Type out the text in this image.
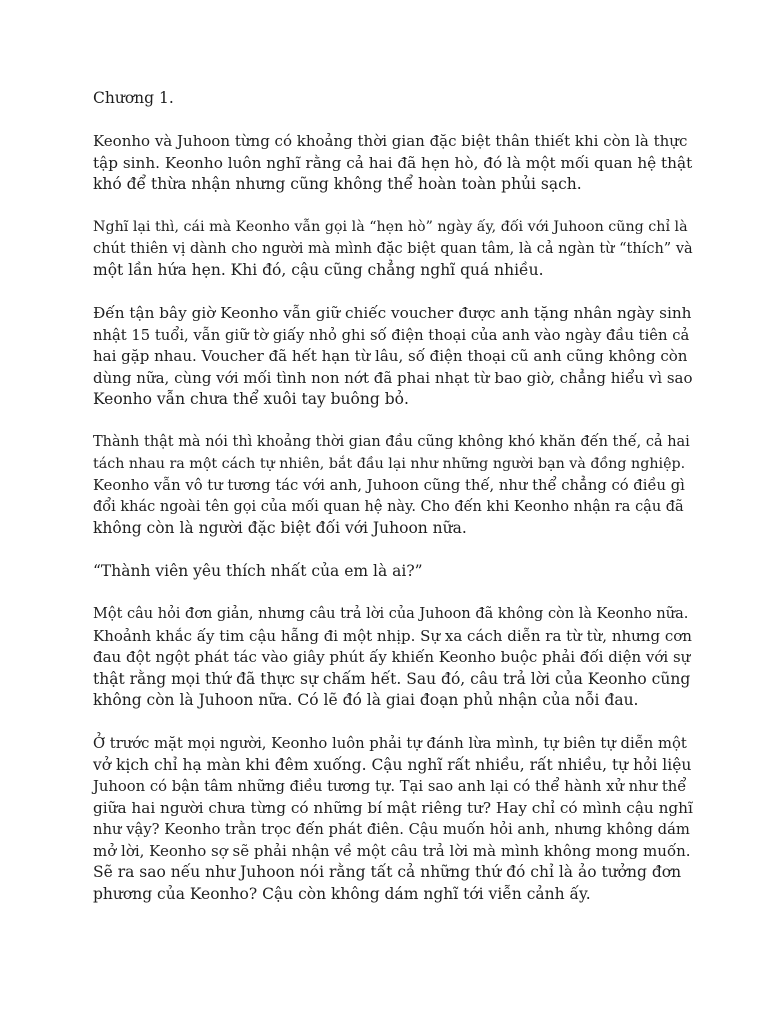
Chương 1.
Keonho và Juhoon từng có khoảng thời gian đặc biệt thân thiết khi còn là thực
tập sinh. Keonho luôn nghĩ rằng cả hai đã hẹn hò, đó là một mối quan hệ thật
khó để thừa nhận nhưng cũng không thể hoàn toàn phủi sạch.
Nghĩ lại thì, cái mà Keonho vẫn gọi là “hẹn hò” ngày ấy, đối với Juhoon cũng chỉ là
chút thiên vị dành cho người mà mình đặc biệt quan tâm, là cả ngàn từ “thích” và
một lần hứa hẹn. Khi đó, cậu cũng chẳng nghĩ quá nhiều.
Đến tận bây giờ Keonho vẫn giữ chiếc voucher được anh tặng nhân ngày sinh
nhật 15 tuổi, vẫn giữ tờ giấy nhỏ ghi số điện thoại của anh vào ngày đầu tiên cả
hai gặp nhau. Voucher đã hết hạn từ lâu, số điện thoại cũ anh cũng không còn
dùng nữa, cùng với mối tình non nớt đã phai nhạt từ bao giờ, chẳng hiểu vì sao
Keonho vẫn chưa thể xuôi tay buông bỏ.
Thành thật mà nói thì khoảng thời gian đầu cũng không khó khăn đến thế, cả hai
tách nhau ra một cách tự nhiên, bắt đầu lại như những người bạn và đồng nghiệp.
Keonho vẫn vô tư tương tác với anh, Juhoon cũng thế, như thể chẳng có điều gì
đổi khác ngoài tên gọi của mối quan hệ này. Cho đến khi Keonho nhận ra cậu đã
không còn là người đặc biệt đối với Juhoon nữa.
“Thành viên yêu thích nhất của em là ai?”
Một câu hỏi đơn giản, nhưng câu trả lời của Juhoon đã không còn là Keonho nữa.
Khoảnh khắc ấy tim cậu hẫng đi một nhịp. Sự xa cách diễn ra từ từ, nhưng cơn
đau đột ngột phát tác vào giây phút ấy khiến Keonho buộc phải đối diện với sự
thật rằng mọi thứ đã thực sự chấm hết. Sau đó, câu trả lời của Keonho cũng
không còn là Juhoon nữa. Có lẽ đó là giai đoạn phủ nhận của nỗi đau.
Ở trước mặt mọi người, Keonho luôn phải tự đánh lừa mình, tự biên tự diễn một
vở kịch chỉ hạ màn khi đêm xuống. Cậu nghĩ rất nhiều, rất nhiều, tự hỏi liệu
Juhoon có bận tâm những điều tương tự. Tại sao anh lại có thể hành xử như thể
giữa hai người chưa từng có những bí mật riêng tư? Hay chỉ có mình cậu nghĩ
như vậy? Keonho trằn trọc đến phát điên. Cậu muốn hỏi anh, nhưng không dám
mở lời, Keonho sợ sẽ phải nhận về một câu trả lời mà mình không mong muốn.
Sẽ ra sao nếu như Juhoon nói rằng tất cả những thứ đó chỉ là ảo tưởng đơn
phương của Keonho? Cậu còn không dám nghĩ tới viễn cảnh ấy.
